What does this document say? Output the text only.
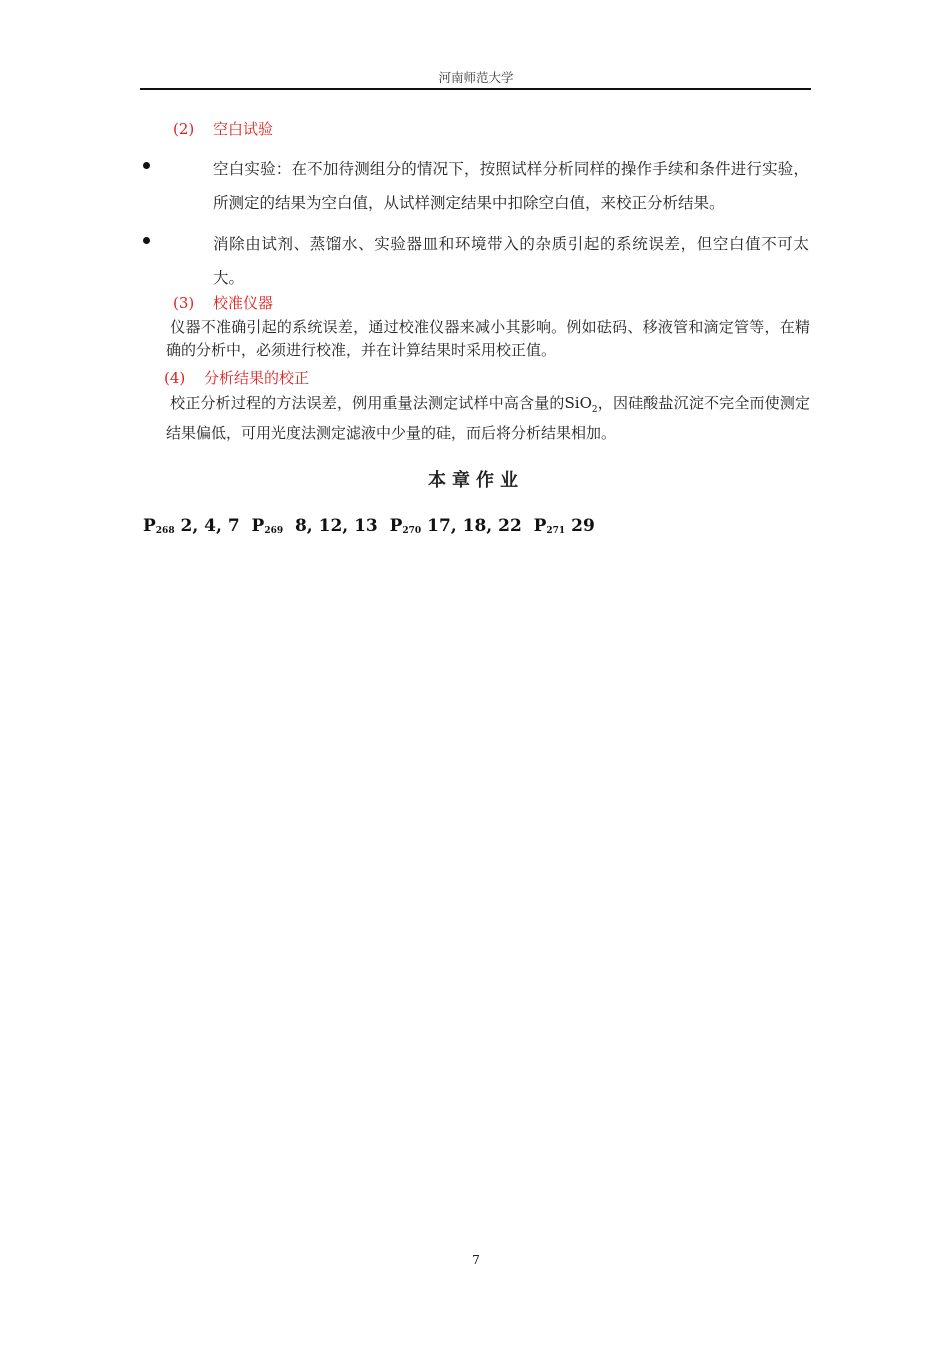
河南师范大学
(2) 空白试验
空白实验：在不加待测组分的情况下，按照试样分析同样的操作手续和条件进行实验，所测定的结果为空白值，从试样测定结果中扣除空白值，来校正分析结果。
消除由试剂、蒸馏水、实验器皿和环境带入的杂质引起的系统误差，但空白值不可太大。
(3) 校准仪器
仪器不准确引起的系统误差，通过校准仪器来减小其影响。例如砝码、移液管和滴定管等，在精确的分析中，必须进行校准，并在计算结果时采用校正值。
(4) 分析结果的校正
校正分析过程的方法误差，例用重量法测定试样中高含量的SiO$_2$，因硅酸盐沉淀不完全而使测定结果偏低，可用光度法测定滤液中少量的硅，而后将分析结果相加。
本章作业
$P_{268}$ 2, 4, 7  $P_{269}$  8, 12, 13  $P_{270}$ 17, 18, 22  $P_{271}$ 29
7
